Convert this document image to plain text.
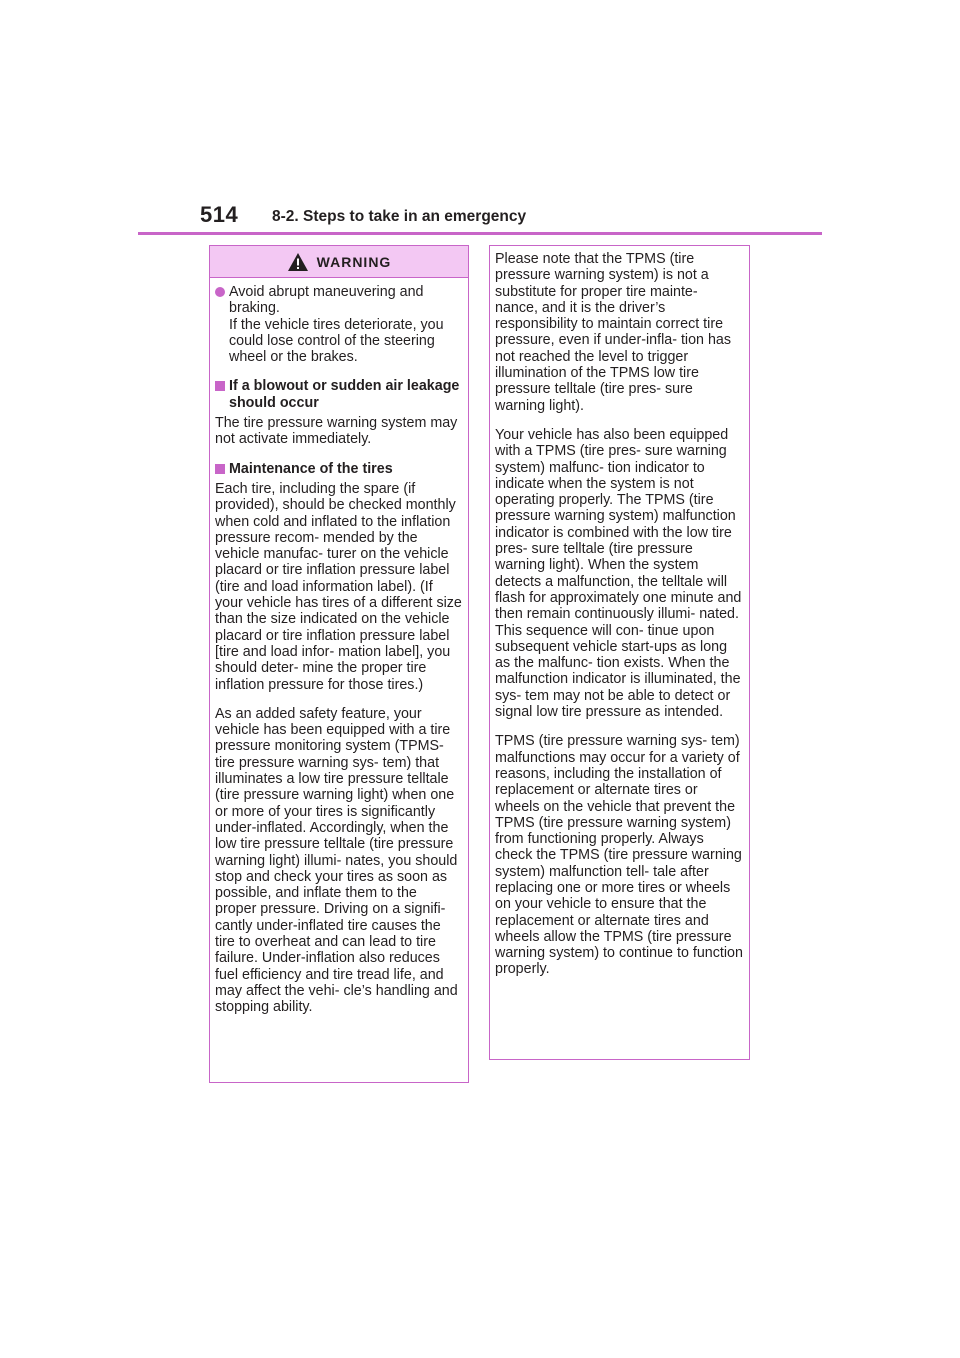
514 8-2. Steps to take in an emergency
WARNING

Avoid abrupt maneuvering and braking.

If the vehicle tires deteriorate, you could lose control of the steering wheel or the brakes.

If a blowout or sudden air leakage should occur

The tire pressure warning system may not activate immediately.

Maintenance of the tires

Each tire, including the spare (if provided), should be checked monthly when cold and inflated to the inflation pressure recom- mended by the vehicle manufac- turer on the vehicle placard or tire inflation pressure label (tire and load information label). (If your vehicle has tires of a different size than the size indicated on the vehicle placard or tire inflation pressure label [tire and load infor- mation label], you should deter- mine the proper tire inflation pressure for those tires.)

As an added safety feature, your vehicle has been equipped with a tire pressure monitoring system (TPMS-tire pressure warning sys- tem) that illuminates a low tire pressure telltale (tire pressure warning light) when one or more of your tires is significantly under-inflated. Accordingly, when the low tire pressure telltale (tire pressure warning light) illumi- nates, you should stop and check your tires as soon as possible, and inflate them to the proper pressure. Driving on a signifi- cantly under-inflated tire causes the tire to overheat and can lead to tire failure. Under-inflation also reduces fuel efficiency and tire tread life, and may affect the vehi- cle’s handling and stopping ability.

Please note that the TPMS (tire pressure warning system) is not a substitute for proper tire mainte- nance, and it is the driver’s responsibility to maintain correct tire pressure, even if under-infla- tion has not reached the level to trigger illumination of the TPMS low tire pressure telltale (tire pres- sure warning light).

Your vehicle has also been equipped with a TPMS (tire pres- sure warning system) malfunc- tion indicator to indicate when the system is not operating properly. The TPMS (tire pressure warning system) malfunction indicator is combined with the low tire pres- sure telltale (tire pressure warning light). When the system detects a malfunction, the telltale will flash for approximately one minute and then remain continuously illumi- nated. This sequence will con- tinue upon subsequent vehicle start-ups as long as the malfunc- tion exists. When the malfunction indicator is illuminated, the sys- tem may not be able to detect or signal low tire pressure as intended.

TPMS (tire pressure warning sys- tem) malfunctions may occur for a variety of reasons, including the installation of replacement or alternate tires or wheels on the vehicle that prevent the TPMS (tire pressure warning system) from functioning properly. Always check the TPMS (tire pressure warning system) malfunction tell- tale after replacing one or more tires or wheels on your vehicle to ensure that the replacement or alternate tires and wheels allow the TPMS (tire pressure warning system) to continue to function properly.
